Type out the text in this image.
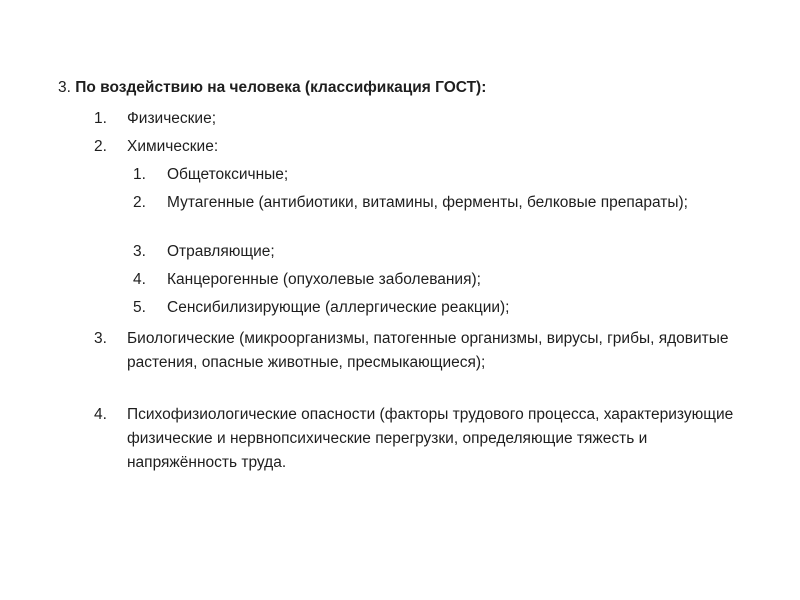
3. По воздействию на человека (классификация ГОСТ):
1. Физические;
2. Химические:
1. Общетоксичные;
2. Мутагенные (антибиотики, витамины, ферменты, белковые препараты);
3. Отравляющие;
4. Канцерогенные (опухолевые заболевания);
5. Сенсибилизирующие (аллергические реакции);
3. Биологические (микроорганизмы, патогенные организмы, вирусы, грибы, ядовитые растения, опасные животные, пресмыкающиеся);
4. Психофизиологические опасности (факторы трудового процесса, характеризующие физические и нервнопсихические перегрузки, определяющие тяжесть и напряжённость труда.
